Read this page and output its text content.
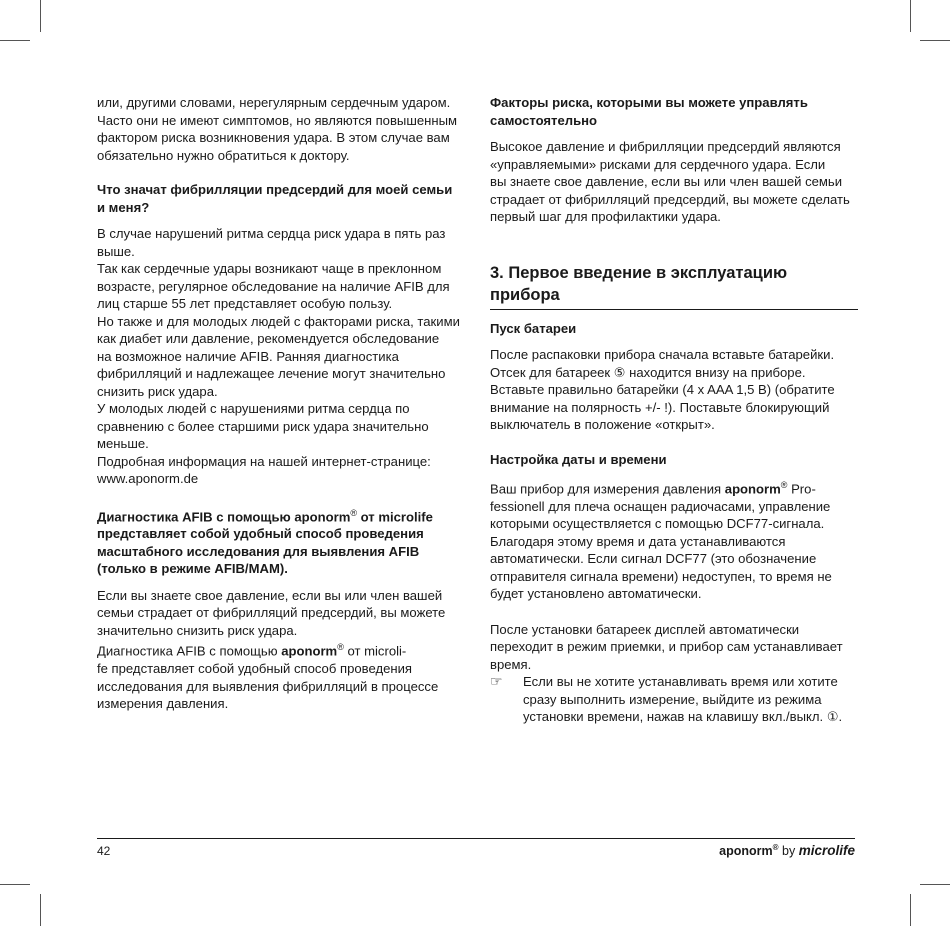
или, другими словами, нерегулярным сердечным ударом.
Часто они не имеют симптомов, но являются повышенным
фактором риска возникновения удара. В этом случае вам
обязательно нужно обратиться к доктору.

Что значат фибрилляции предсердий для моей семьи
и меня?

В случае нарушений ритма сердца риск удара в пять раз
выше.
Так как сердечные удары возникают чаще в преклонном
возрасте, регулярное обследование на наличие AFIB для
лиц старше 55 лет представляет особую пользу.
Но также и для молодых людей с факторами риска, такими
как диабет или давление, рекомендуется обследование
на возможное наличие AFIB. Ранняя диагностика
фибрилляций и надлежащее лечение могут значительно
снизить риск удара.
У молодых людей с нарушениями ритма сердца по
сравнению с более старшими риск удара значительно
меньше.
Подробная информация на нашей интернет-странице:
www.aponorm.de

Диагностика AFIB с помощью aponorm® от microlife
представляет собой удобный способ проведения
масштабного исследования для выявления AFIB
(только в режиме AFIB/MAM).

Если вы знаете свое давление, если вы или член вашей
семьи страдает от фибрилляций предсердий, вы можете
значительно снизить риск удара.
Диагностика AFIB с помощью aponorm® от microli-
fe представляет собой удобный способ проведения
исследования для выявления фибрилляций в процессе
измерения давления.

Факторы риска, которыми вы можете управлять
самостоятельно

Высокое давление и фибрилляции предсердий являются
«управляемыми» рисками для сердечного удара. Если
вы знаете свое давление, если вы или член вашей семьи
страдает от фибрилляций предсердий, вы можете сделать
первый шаг для профилактики удара.

3. Первое введение в эксплуатацию прибора
Пуск батареи

После распаковки прибора сначала вставьте батарейки.
Отсек для батареек ⑤ находится внизу на приборе.
Вставьте правильно батарейки (4 x AAA 1,5 В) (обратите
внимание на полярность +/- !). Поставьте блокирующий
выключатель в положение «открыт».

Настройка даты и времени

Ваш прибор для измерения давления aponorm® Pro-
fessionell для плеча оснащен радиочасами, управление
которыми осуществляется с помощью DCF77-сигнала.
Благодаря этому время и дата устанавливаются
автоматически. Если сигнал DCF77 (это обозначение
отправителя сигнала времени) недоступен, то время не
будет установлено автоматически.

После установки батареек дисплей автоматически
переходит в режим приемки, и прибор сам устанавливает
время.

☞	Если вы не хотите устанавливать время или хотите
сразу выполнить измерение, выйдите из режима
установки времени, нажав на клавишу вкл./выкл. ①.
42	aponorm® by microlife
